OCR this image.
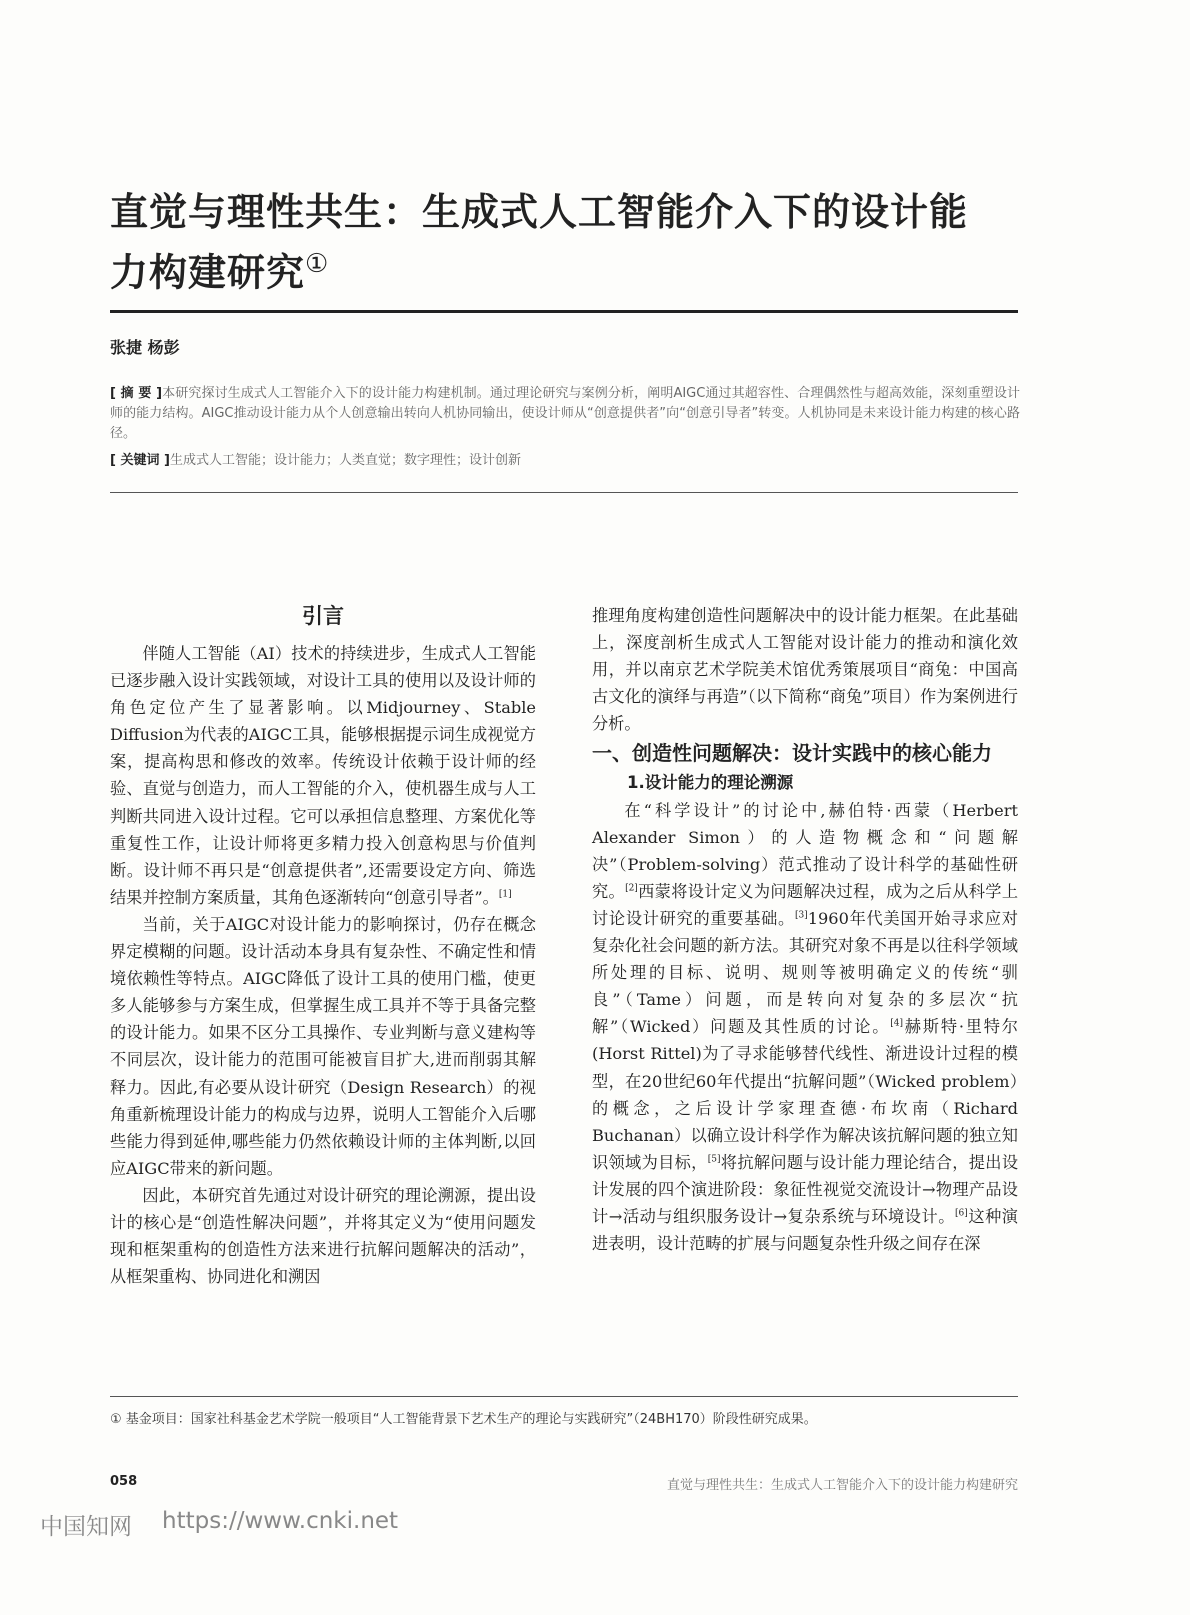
直觉与理性共生：生成式人工智能介入下的设计能
力构建研究①
张捷 杨彭
[ 摘 要 ]本研究探讨生成式人工智能介入下的设计能力构建机制。通过理论研究与案例分析，阐明AIGC通过其超容性、合理偶然性与超高效能，深刻重塑设计师的能力结构。AIGC推动设计能力从个人创意输出转向人机协同输出，使设计师从“创意提供者”向“创意引导者”转变。人机协同是未来设计能力构建的核心路径。
[ 关键词 ]生成式人工智能；设计能力；人类直觉；数字理性；设计创新
引言

伴随人工智能（AI）技术的持续进步，生成式人工智能已逐步融入设计实践领域，对设计工具的使用以及设计师的角色定位产生了显著影响。以Midjourney、Stable Diffusion为代表的AIGC工具，能够根据提示词生成视觉方案，提高构思和修改的效率。传统设计依赖于设计师的经验、直觉与创造力，而人工智能的介入，使机器生成与人工判断共同进入设计过程。它可以承担信息整理、方案优化等重复性工作，让设计师将更多精力投入创意构思与价值判断。设计师不再只是“创意提供者”,还需要设定方向、筛选结果并控制方案质量，其角色逐渐转向“创意引导者”。[1]

当前，关于AIGC对设计能力的影响探讨，仍存在概念界定模糊的问题。设计活动本身具有复杂性、不确定性和情境依赖性等特点。AIGC降低了设计工具的使用门槛，使更多人能够参与方案生成，但掌握生成工具并不等于具备完整的设计能力。如果不区分工具操作、专业判断与意义建构等不同层次，设计能力的范围可能被盲目扩大,进而削弱其解释力。因此,有必要从设计研究（Design Research）的视角重新梳理设计能力的构成与边界，说明人工智能介入后哪些能力得到延伸,哪些能力仍然依赖设计师的主体判断,以回应AIGC带来的新问题。

因此，本研究首先通过对设计研究的理论溯源，提出设计的核心是“创造性解决问题”，并将其定义为“使用问题发现和框架重构的创造性方法来进行抗解问题解决的活动”，从框架重构、协同进化和溯因

推理角度构建创造性问题解决中的设计能力框架。在此基础上，深度剖析生成式人工智能对设计能力的推动和演化效用，并以南京艺术学院美术馆优秀策展项目“商兔：中国高古文化的演绎与再造”（以下简称“商兔”项目）作为案例进行分析。

一、创造性问题解决：设计实践中的核心能力

1.设计能力的理论溯源

在“科学设计”的讨论中,赫伯特·西蒙（Herbert Alexander Simon）的人造物概念和“问题解决”（Problem-solving）范式推动了设计科学的基础性研究。[2]西蒙将设计定义为问题解决过程，成为之后从科学上讨论设计研究的重要基础。[3]1960年代美国开始寻求应对复杂化社会问题的新方法。其研究对象不再是以往科学领域所处理的目标、说明、规则等被明确定义的传统“驯良”（Tame）问题，而是转向对复杂的多层次“抗解”（Wicked）问题及其性质的讨论。[4]赫斯特·里特尔(Horst Rittel)为了寻求能够替代线性、渐进设计过程的模型，在20世纪60年代提出“抗解问题”（Wicked problem）的概念，之后设计学家理查德·布坎南（Richard Buchanan）以确立设计科学作为解决该抗解问题的独立知识领域为目标，[5]将抗解问题与设计能力理论结合，提出设计发展的四个演进阶段：象征性视觉交流设计→物理产品设计→活动与组织服务设计→复杂系统与环境设计。[6]这种演进表明，设计范畴的扩展与问题复杂性升级之间存在深

① 基金项目：国家社科基金艺术学院一般项目“人工智能背景下艺术生产的理论与实践研究”（24BH170）阶段性研究成果。
058	直觉与理性共生：生成式人工智能介入下的设计能力构建研究
中国知网 https://www.cnki.net
